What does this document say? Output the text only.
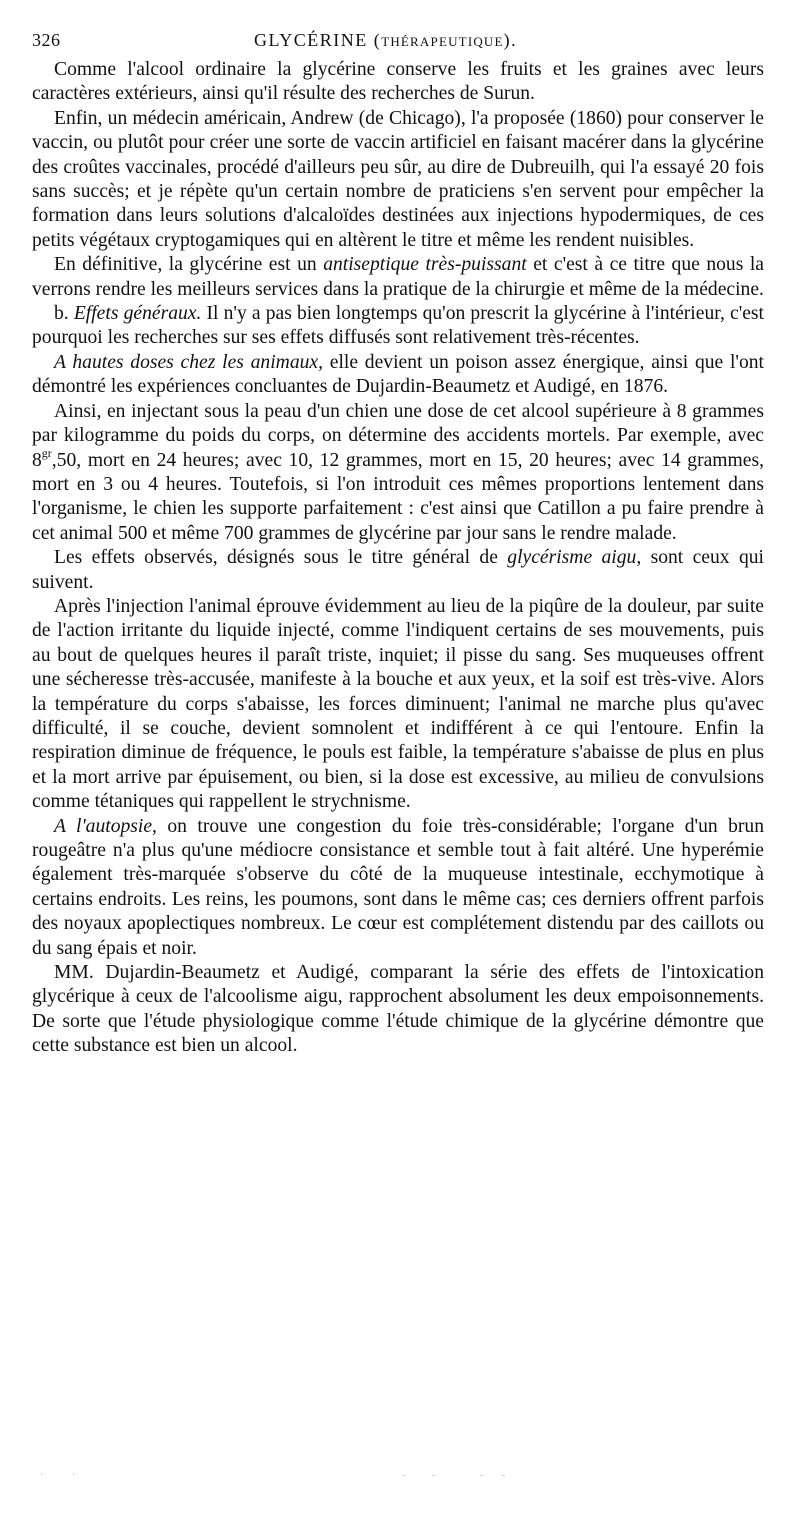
326	GLYCÉRINE (THÉRAPEUTIQUE).

Comme l'alcool ordinaire la glycérine conserve les fruits et les graines avec leurs caractères extérieurs, ainsi qu'il résulte des recherches de Surun.

Enfin, un médecin américain, Andrew (de Chicago), l'a proposée (1860) pour conserver le vaccin, ou plutôt pour créer une sorte de vaccin artificiel en faisant macérer dans la glycérine des croûtes vaccinales, procédé d'ailleurs peu sûr, au dire de Dubreuilh, qui l'a essayé 20 fois sans succès; et je répète qu'un certain nombre de praticiens s'en servent pour empêcher la formation dans leurs solutions d'alcaloïdes destinées aux injections hypodermiques, de ces petits végétaux cryptogamiques qui en altèrent le titre et même les rendent nuisibles.

En définitive, la glycérine est un antiseptique très-puissant et c'est à ce titre que nous la verrons rendre les meilleurs services dans la pratique de la chirurgie et même de la médecine.

b. Effets généraux. Il n'y a pas bien longtemps qu'on prescrit la glycérine à l'intérieur, c'est pourquoi les recherches sur ses effets diffusés sont relativement très-récentes.

A hautes doses chez les animaux, elle devient un poison assez énergique, ainsi que l'ont démontré les expériences concluantes de Dujardin-Beaumetz et Audigé, en 1876.

Ainsi, en injectant sous la peau d'un chien une dose de cet alcool supérieure à 8 grammes par kilogramme du poids du corps, on détermine des accidents mortels. Par exemple, avec $8^{gr},50$, mort en 24 heures; avec 10, 12 grammes, mort en 15, 20 heures; avec 14 grammes, mort en 3 ou 4 heures. Toutefois, si l'on introduit ces mêmes proportions lentement dans l'organisme, le chien les supporte parfaitement : c'est ainsi que Catillon a pu faire prendre à cet animal 500 et même 700 grammes de glycérine par jour sans le rendre malade.

Les effets observés, désignés sous le titre général de glycérisme aigu, sont ceux qui suivent.

Après l'injection l'animal éprouve évidemment au lieu de la piqûre de la douleur, par suite de l'action irritante du liquide injecté, comme l'indiquent certains de ses mouvements, puis au bout de quelques heures il paraît triste, inquiet; il pisse du sang. Ses muqueuses offrent une sécheresse très-accusée, manifeste à la bouche et aux yeux, et la soif est très-vive. Alors la température du corps s'abaisse, les forces diminuent; l'animal ne marche plus qu'avec difficulté, il se couche, devient somnolent et indifférent à ce qui l'entoure. Enfin la respiration diminue de fréquence, le pouls est faible, la température s'abaisse de plus en plus et la mort arrive par épuisement, ou bien, si la dose est excessive, au milieu de convulsions comme tétaniques qui rappellent le strychnisme.

A l'autopsie, on trouve une congestion du foie très-considérable; l'organe d'un brun rougeâtre n'a plus qu'une médiocre consistance et semble tout à fait altéré. Une hyperémie également très-marquée s'observe du côté de la muqueuse intestinale, ecchymotique à certains endroits. Les reins, les poumons, sont dans le même cas; ces derniers offrent parfois des noyaux apoplectiques nombreux. Le cœur est complétement distendu par des caillots ou du sang épais et noir.

MM. Dujardin-Beaumetz et Audigé, comparant la série des effets de l'intoxication glycérique à ceux de l'alcoolisme aigu, rapprochent absolument les deux empoisonnements. De sorte que l'étude physiologique comme l'étude chimique de la glycérine démontre que cette substance est bien un alcool.

·	·	-	-	- -
